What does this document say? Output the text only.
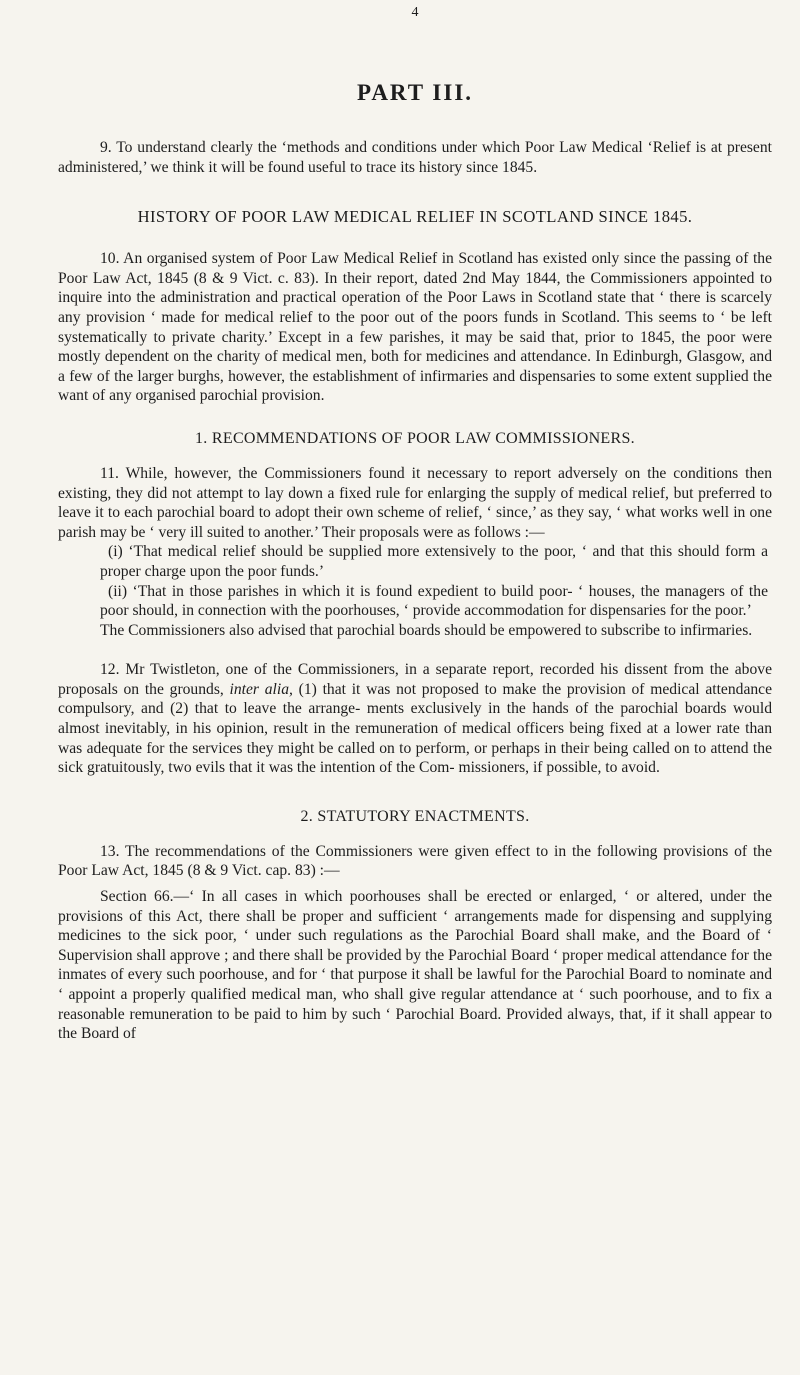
4
PART III.

9. To understand clearly the ‘methods and conditions under which Poor Law Medical ‘Relief is at present administered,’ we think it will be found useful to trace its history since 1845.

HISTORY OF POOR LAW MEDICAL RELIEF IN SCOTLAND SINCE 1845.

10. An organised system of Poor Law Medical Relief in Scotland has existed only since the passing of the Poor Law Act, 1845 (8 & 9 Vict. c. 83). In their report, dated 2nd May 1844, the Commissioners appointed to inquire into the administration and practical operation of the Poor Laws in Scotland state that ‘ there is scarcely any provision ‘ made for medical relief to the poor out of the poors funds in Scotland. This seems to ‘ be left systematically to private charity.’ Except in a few parishes, it may be said that, prior to 1845, the poor were mostly dependent on the charity of medical men, both for medicines and attendance. In Edinburgh, Glasgow, and a few of the larger burghs, however, the establishment of infirmaries and dispensaries to some extent supplied the want of any organised parochial provision.

1. RECOMMENDATIONS OF POOR LAW COMMISSIONERS.

11. While, however, the Commissioners found it necessary to report adversely on the conditions then existing, they did not attempt to lay down a fixed rule for enlarging the supply of medical relief, but preferred to leave it to each parochial board to adopt their own scheme of relief, ‘ since,’ as they say, ‘ what works well in one parish may be ‘ very ill suited to another.’ Their proposals were as follows :—

(i) ‘That medical relief should be supplied more extensively to the poor, ‘ and that this should form a proper charge upon the poor funds.’
(ii) ‘That in those parishes in which it is found expedient to build poor- ‘ houses, the managers of the poor should, in connection with the poorhouses, ‘ provide accommodation for dispensaries for the poor.’

The Commissioners also advised that parochial boards should be empowered to subscribe to infirmaries.

12. Mr Twistleton, one of the Commissioners, in a separate report, recorded his dissent from the above proposals on the grounds, inter alia, (1) that it was not proposed to make the provision of medical attendance compulsory, and (2) that to leave the arrange- ments exclusively in the hands of the parochial boards would almost inevitably, in his opinion, result in the remuneration of medical officers being fixed at a lower rate than was adequate for the services they might be called on to perform, or perhaps in their being called on to attend the sick gratuitously, two evils that it was the intention of the Com- missioners, if possible, to avoid.

2. STATUTORY ENACTMENTS.

13. The recommendations of the Commissioners were given effect to in the following provisions of the Poor Law Act, 1845 (8 & 9 Vict. cap. 83) :—

Section 66.—‘ In all cases in which poorhouses shall be erected or enlarged, ‘ or altered, under the provisions of this Act, there shall be proper and sufficient ‘ arrangements made for dispensing and supplying medicines to the sick poor, ‘ under such regulations as the Parochial Board shall make, and the Board of ‘ Supervision shall approve ; and there shall be provided by the Parochial Board ‘ proper medical attendance for the inmates of every such poorhouse, and for ‘ that purpose it shall be lawful for the Parochial Board to nominate and ‘ appoint a properly qualified medical man, who shall give regular attendance at ‘ such poorhouse, and to fix a reasonable remuneration to be paid to him by such ‘ Parochial Board. Provided always, that, if it shall appear to the Board of
